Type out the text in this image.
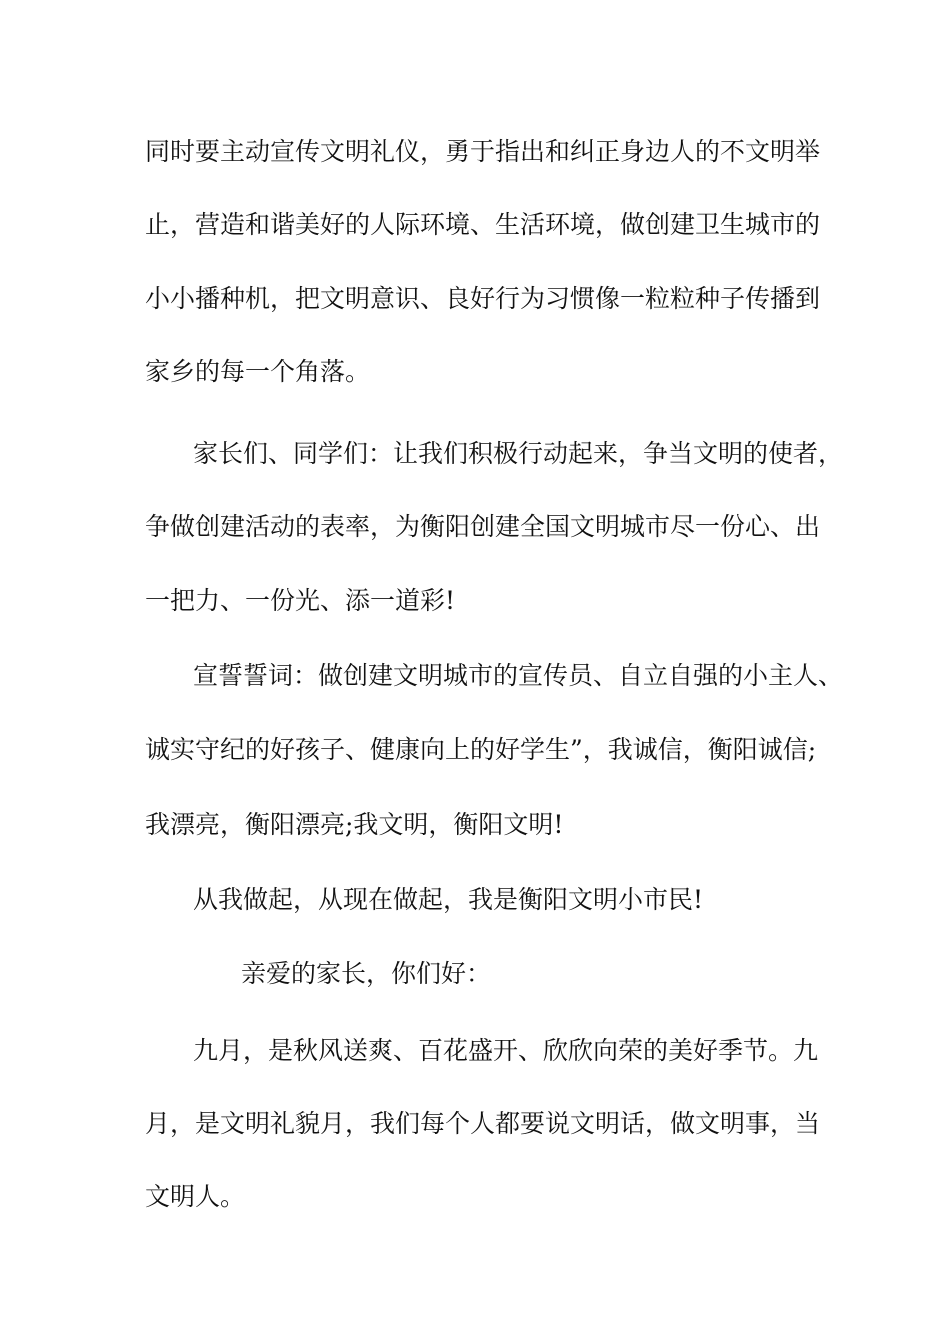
同时要主动宣传文明礼仪，勇于指出和纠正身边人的不文明举

止，营造和谐美好的人际环境、生活环境，做创建卫生城市的

小小播种机，把文明意识、良好行为习惯像一粒粒种子传播到

家乡的每一个角落。

家长们、同学们：让我们积极行动起来，争当文明的使者，

争做创建活动的表率，为衡阳创建全国文明城市尽一份心、出

一把力、一份光、添一道彩!

宣誓誓词：做创建文明城市的宣传员、自立自强的小主人、

诚实守纪的好孩子、健康向上的好学生”，我诚信，衡阳诚信;

我漂亮，衡阳漂亮;我文明，衡阳文明!

从我做起，从现在做起，我是衡阳文明小市民!

亲爱的家长，你们好：

九月，是秋风送爽、百花盛开、欣欣向荣的美好季节。九

月，是文明礼貌月，我们每个人都要说文明话，做文明事，当

文明人。
